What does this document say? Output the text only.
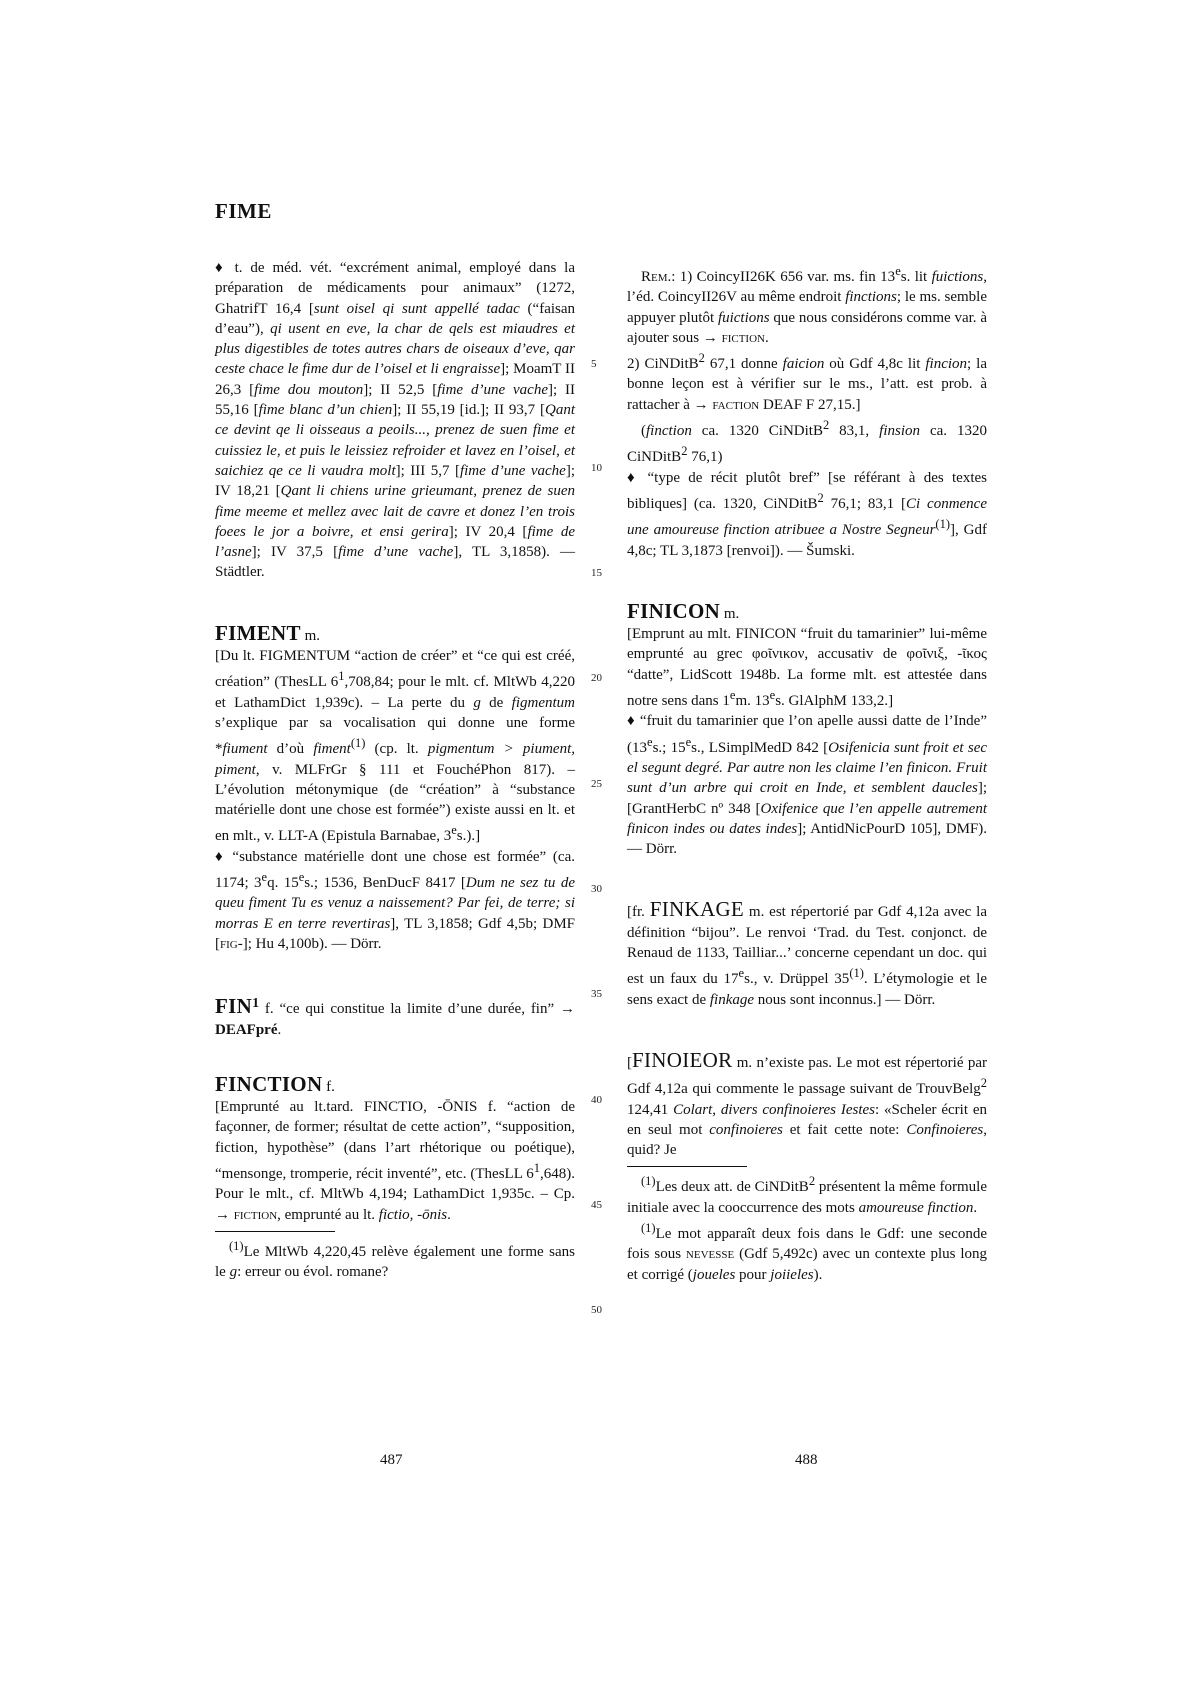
FIME
5
10
15
20
25
30
35
40
45
50

♦ t. de méd. vét. “excrément animal, employé dans la préparation de médicaments pour animaux” (1272, GhatrifT 16,4 [sunt oisel qi sunt appellé tadac (“faisan d’eau”), qi usent en eve, la char de qels est miaudres et plus digestibles de totes autres chars de oiseaux d’eve, qar ceste chace le fime dur de l’oisel et li engraisse]; MoamT II 26,3 [fime dou mouton]; II 52,5 [fime d’une vache]; II 55,16 [fime blanc d’un chien]; II 55,19 [id.]; II 93,7 [Qant ce devint qe li oisseaus a peoils..., prenez de suen fime et cuissiez le, et puis le leissiez refroider et lavez en l’oisel, et saichiez qe ce li vaudra molt]; III 5,7 [fime d’une vache]; IV 18,21 [Qant li chiens urine grieumant, prenez de suen fime meeme et mellez avec lait de cavre et donez l’en trois foees le jor a boivre, et ensi gerira]; IV 20,4 [fime de l’asne]; IV 37,5 [fime d’une vache], TL 3,1858). — Städtler.

FIMENT m.

[Du lt. FIGMENTUM “action de créer” et “ce qui est créé, création” (ThesLL $6^1,708,84$; pour le mlt. cf. MltWb 4,220 et LathamDict 1,939c). – La perte du g de figmentum s’explique par sa vocalisation qui donne une forme *fiument d’où fiment$^{(1)}$ (cp. lt. pigmentum > piument, piment, v. MLFrGr § 111 et FouchéPhon 817). – L’évolution métonymique (de “création” à “substance matérielle dont une chose est formée”) existe aussi en lt. et en mlt., v. LLT-A (Epistula Barnabae, 3es.).]

♦ “substance matérielle dont une chose est formée” (ca. 1174; 3eq. 15es.; 1536, BenDucF 8417 [Dum ne sez tu de queu fiment Tu es venuz a naissement? Par fei, de terre; si morras E en terre revertiras], TL 3,1858; Gdf 4,5b; DMF [fig-]; Hu 4,100b). — Dörr.

FIN$^1$ f. “ce qui constitue la limite d’une durée, fin” → DEAFpré.

FINCTION f.

[Emprunté au lt.tard. FINCTIO, -ŌNIS f. “action de façonner, de former; résultat de cette action”, “supposition, fiction, hypothèse” (dans l’art rhétorique ou poétique), “mensonge, tromperie, récit inventé”, etc. (ThesLL $6^1,648$). Pour le mlt., cf. MltWb 4,194; LathamDict 1,935c. – Cp. → fiction, emprunté au lt. fictio, -ōnis.

$^{(1)}$Le MltWb 4,220,45 relève également une forme sans le g: erreur ou évol. romane?

Rem.: 1) CoincyII26K 656 var. ms. fin 13es. lit fuictions, l’éd. CoincyII26V au même endroit finctions; le ms. semble appuyer plutôt fuictions que nous considérons comme var. à ajouter sous → fiction.

2) CiNDitB$^2$ 67,1 donne faicion où Gdf 4,8c lit fincion; la bonne leçon est à vérifier sur le ms., l’att. est prob. à rattacher à → faction DEAF F 27,15.]

(finction ca. 1320 CiNDitB$^2$ 83,1, finsion ca. 1320 CiNDitB$^2$ 76,1)

♦ “type de récit plutôt bref” [se référant à des textes bibliques] (ca. 1320, CiNDitB$^2$ 76,1; 83,1 [Ci conmence une amoureuse finction atribuee a Nostre Segneur$^{(1)}$], Gdf 4,8c; TL 3,1873 [renvoi]). — Šumski.

FINICON m.

[Emprunt au mlt. FINICON “fruit du tamarinier” lui-même emprunté au grec φοῖνικον, accusativ de φοῖνιξ, -ῖκος “datte”, LidScott 1948b. La forme mlt. est attestée dans notre sens dans 1em. 13es. GlAlphM 133,2.]

♦ “fruit du tamarinier que l’on apelle aussi datte de l’Inde” (13es.; 15es., LSimplMedD 842 [Osifenicia sunt froit et sec el segunt degré. Par autre non les claime l’en finicon. Fruit sunt d’un arbre qui croit en Inde, et semblent daucles]; [GrantHerbC nº 348 [Oxifenice que l’en appelle autrement finicon indes ou dates indes]; AntidNicPourD 105], DMF). — Dörr.

[fr. FINKAGE m. est répertorié par Gdf 4,12a avec la définition “bijou”. Le renvoi ‘Trad. du Test. conjonct. de Renaud de 1133, Tailliar...’ concerne cependant un doc. qui est un faux du 17es., v. Drüppel 35$^{(1)}$. L’étymologie et le sens exact de finkage nous sont inconnus.] — Dörr.

[FINOIEOR m. n’existe pas. Le mot est répertorié par Gdf 4,12a qui commente le passage suivant de TrouvBelg$^2$ 124,41 Colart, divers confinoieres Iestes: «Scheler écrit en en seul mot confinoieres et fait cette note: Confinoieres, quid? Je

$^{(1)}$Les deux att. de CiNDitB$^2$ présentent la même formule initiale avec la cooccurrence des mots amoureuse finction.

$^{(1)}$Le mot apparaît deux fois dans le Gdf: une seconde fois sous nevesse (Gdf 5,492c) avec un contexte plus long et corrigé (joueles pour joiieles).

487	488
